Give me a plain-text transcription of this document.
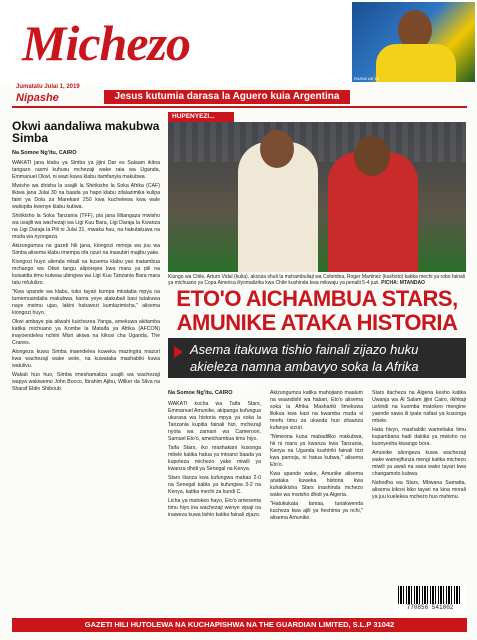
Michezo
RASMI UK 16
Jumatatu Julai 1, 2019
Nipashe	Jesus kutumia darasa la Aguero kuia Argentina
Okwi aandaliwa makubwa Simba
Na Somoe Ng'itu, CAIRO

WAKATI jana klabu ya Simba ya jijini Dar es Salaam ikitoa tangazo rasmi kuhusu mchezaji wake raia wa Uganda, Emmanuel Okwi, ni wazi kuwa klabu itamfanyia makubwa.

Mwisho wa dirisha la usajili la Shirikisho la Soka Afrika (CAF) likiwa jana Julai 30 na baada ya hapo klabu zitalazimika kulipa faini ya Dola za Marekani 250 kwa kuchelewa kwa wale waliopita kwenye klabu kubwa.

Shirikisho la Soka Tanzania (TFF), pia jana lilitangaza mwisho wa usajili wa wachezaji wa Ligi Kuu Bara, Ligi Daraja la Kwanza na Ligi Daraja la Pili ni Julai 31, mwaka huu, na hakutakuwa na muda wa nyongeza.

Akizungumza na gazeti hili jana, kiongozi mmoja wa juu wa Simba alisema klabu imempa ofa nzuri na inasubiri majibu yake.

Kiongozi huyo alienda mbali na kusema klabu yao inatambua mchango wa Okwi tangu aliporejea kwa mara ya pili na kuisaidia timu kutwaa ubingwa wa Ligi Kuu Tanzania Bara mara tatu mfululizo.

"Kwa upande wa klabu, tuko tayari kumpa mkataba mpya na tumemuandalia makubwa, kama yeye atakubali basi tutakuwa naye msimu ujao, lakini hatuwezi kumlazimisha," alisema kiongozi huyo.

Okwi ambaye pia aliwahi kuichezea Yanga, amekuwa akitamba katika michuano ya Kombe la Mataifa ya Afrika (AFCON) inayoendelea nchini Misri akiwa na kikosi cha Uganda, The Cranes.

Alongeza kuwa Simba inaendelea kuweka mazingira mazuri kwa wachezaji wake wote, na kuwataka mashabiki kuwa watulivu.

Wakati huo huo, Simba imeshamaliza usajili wa wachezaji wapya wakiwemo John Bocco, Ibrahim Ajibu, Wilker da Silva na Sharaf Eldin Shiboub.

HUPENYEZI...
Kiungo wa Chile, Arturo Vidal (kulia), akizuia shuti la mshambuliaji wa Colombia, Roger Martinez (kushoto) katika mechi ya robo fainali ya michuano ya Copa America iliyomalizika kwa Chile kushinda kwa mikwaju ya penalti 5-4 juzi. PICHA: MTANDAO
ETO'O AICHAMBUA STARS,
AMUNIKE ATAKA HISTORIA
Asema itakuwa tishio fainali zijazo huku akieleza namna ambavyo soka la Afrika Masharikí...
Na Somoe Ng'itu, CAIRO

WAKATI kocha wa Taifa Stars, Emmanuel Amunike, akipanga kufungua ukurasa wa historia mpya ya soka la Tanzania kupitia fainali hizi, mchezaji nyota wa zamani wa Cameroon, Samuel Eto'o, ameichambua timu hiyo.

Taifa Stars, iko mashakani kusonga mbele katika hatua ya mtoano baada ya kupoteza michezo yake miwili ya kwanza dhidi ya Senegal na Kenya.

Stars ilianza kwa kufungwa mabao 2-0 na Senegal kabla ya kufungwa 3-2 na Kenya, katika mechi za kundi C.

Licha ya matokeo hayo, Eto'o amesema timu hiyo ina wachezaji wenye vipaji na inaweza kuwa tishio katika fainali zijazo.

Akizungumza katika mahojiano maalum na waandishi wa habari, Eto'o alisema soka la Afrika Mashariki limekuwa likikua kwa kasi na kwamba muda si mrefu timu za ukanda huo zitaanza kufanya vizuri.

"Nimeona kuna mabadiliko makubwa, hii ni mara ya kwanza kwa Tanzania, Kenya na Uganda kushiriki fainali hizi kwa pamoja, ni hatua kubwa," alisema Eto'o.

Kwa upande wake, Amunike alisema anataka kuweka historia kwa kuhakikisha Stars inashinda mchezo wake wa mwisho dhidi ya Algeria.

"Hatukukata tamaa, tunakwenda kucheza kwa ajili ya heshima ya nchi," alisema Amunike.

Stars itacheza na Algeria kesho katika Uwanja wa Al Salam jijini Cairo, ikihitaji ushindi na kuomba matokeo mengine yaende sawa ili ipate nafasi ya kusonga mbele.

Hata hivyo, mashabiki wameitaka timu kupambana hadi dakika ya mwisho na kuonyesha kiwango bora.

Amunike aliongeza kuwa wachezaji wake wamejifunza mengi katika michezo miwili ya awali na sasa wako tayari kwa changamoto kubwa.

Nahodha wa Stars, Mbwana Samatta, alisema kikosi kiko tayari na kina morali ya juu kuelekea mchezo huo muhimu.

770856 541002
GAZETI HILI HUTOLEWA NA KUCHAPISHWA NA THE GUARDIAN LIMITED, S.L.P 31042
